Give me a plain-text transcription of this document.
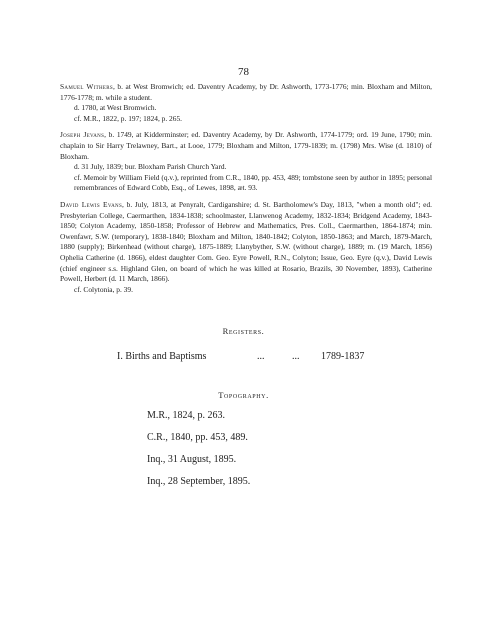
78

Samuel Withers, b. at West Bromwich; ed. Daventry Academy, by Dr. Ashworth, 1773-1776; min. Bloxham and Milton, 1776-1778; m. while a student.

d. 1780, at West Bromwich.

cf. M.R., 1822, p. 197; 1824, p. 265.

Joseph Jevans, b. 1749, at Kidderminster; ed. Daventry Academy, by Dr. Ashworth, 1774-1779; ord. 19 June, 1790; min. chaplain to Sir Harry Trelawney, Bart., at Looe, 1779; Bloxham and Milton, 1779-1839; m. (1798) Mrs. Wise (d. 1810) of Bloxham.

d. 31 July, 1839; bur. Bloxham Parish Church Yard.

cf. Memoir by William Field (q.v.), reprinted from C.R., 1840, pp. 453, 489; tombstone seen by author in 1895; personal remembrances of Edward Cobb, Esq., of Lewes, 1898, æt. 93.

David Lewis Evans, b. July, 1813, at Penyralt, Cardiganshire; d. St. Bartholomew's Day, 1813, "when a month old"; ed. Presbyterian College, Caermarthen, 1834-1838; schoolmaster, Llanwenog Academy, 1832-1834; Bridgend Academy, 1843-1850; Colyton Academy, 1850-1858; Professor of Hebrew and Mathematics, Pres. Coll., Caermarthen, 1864-1874; min. Owenfawr, S.W. (temporary), 1838-1840; Bloxham and Milton, 1840-1842; Colyton, 1850-1863; and March, 1879-March, 1880 (supply); Birkenhead (without charge), 1875-1889; Llanybyther, S.W. (without charge), 1889; m. (19 March, 1856) Ophelia Catherine (d. 1866), eldest daughter Com. Geo. Eyre Powell, R.N., Colyton; Issue, Geo. Eyre (q.v.), David Lewis (chief engineer s.s. Highland Glen, on board of which he was killed at Rosario, Brazils, 30 November, 1893), Catherine Powell, Herbert (d. 11 March, 1866).

cf. Colytonia, p. 39.

Registers.
I. Births and Baptisms	...	... 1789-1837
Topography.
M.R., 1824, p. 263.
C.R., 1840, pp. 453, 489.
Inq., 31 August, 1895.
Inq., 28 September, 1895.
